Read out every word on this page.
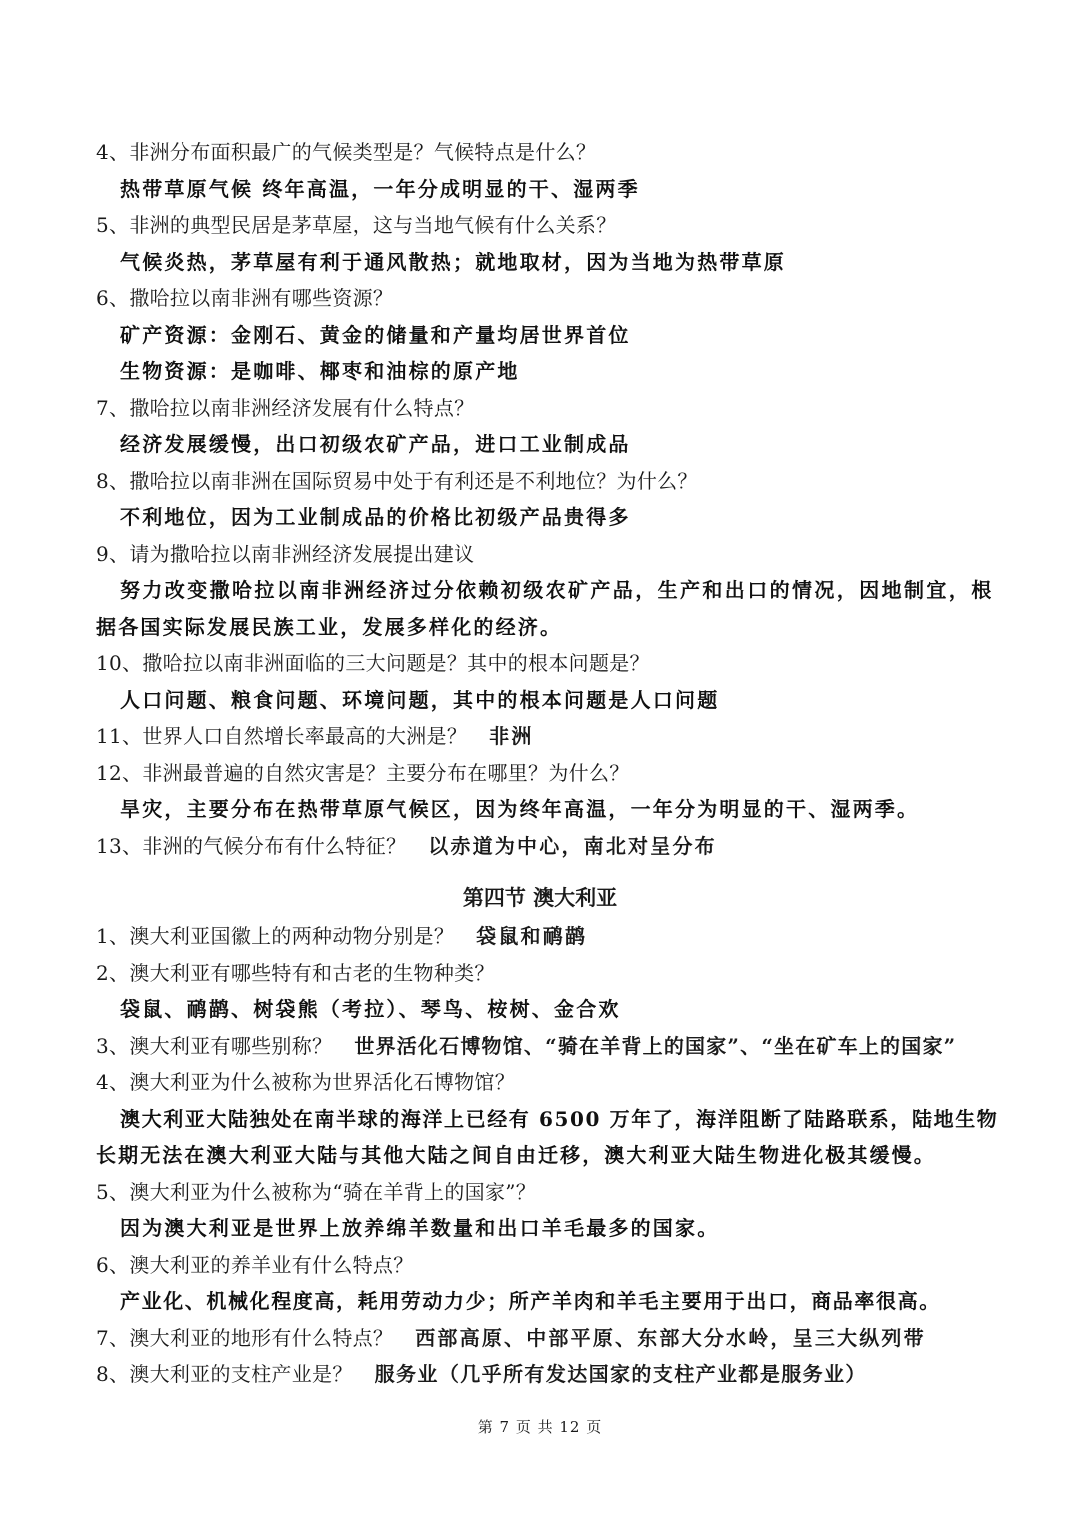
4、非洲分布面积最广的气候类型是？气候特点是什么？
热带草原气候 终年高温，一年分成明显的干、湿两季
5、非洲的典型民居是茅草屋，这与当地气候有什么关系？
气候炎热，茅草屋有利于通风散热；就地取材，因为当地为热带草原
6、撒哈拉以南非洲有哪些资源？
矿产资源：金刚石、黄金的储量和产量均居世界首位
生物资源：是咖啡、椰枣和油棕的原产地
7、撒哈拉以南非洲经济发展有什么特点？
经济发展缓慢，出口初级农矿产品，进口工业制成品
8、撒哈拉以南非洲在国际贸易中处于有利还是不利地位？为什么？
不利地位，因为工业制成品的价格比初级产品贵得多
9、请为撒哈拉以南非洲经济发展提出建议
努力改变撒哈拉以南非洲经济过分依赖初级农矿产品，生产和出口的情况，因地制宜，根
据各国实际发展民族工业，发展多样化的经济。
10、撒哈拉以南非洲面临的三大问题是？其中的根本问题是？
人口问题、粮食问题、环境问题，其中的根本问题是人口问题
11、世界人口自然增长率最高的大洲是？ 非洲
12、非洲最普遍的自然灾害是？主要分布在哪里？为什么？
旱灾，主要分布在热带草原气候区，因为终年高温，一年分为明显的干、湿两季。
13、非洲的气候分布有什么特征？ 以赤道为中心，南北对呈分布
第四节 澳大利亚
1、澳大利亚国徽上的两种动物分别是？ 袋鼠和鸸鹋
2、澳大利亚有哪些特有和古老的生物种类？
袋鼠、鸸鹋、树袋熊（考拉）、琴鸟、桉树、金合欢
3、澳大利亚有哪些别称？ 世界活化石博物馆、“骑在羊背上的国家”、“坐在矿车上的国家”
4、澳大利亚为什么被称为世界活化石博物馆？
澳大利亚大陆独处在南半球的海洋上已经有 6500 万年了，海洋阻断了陆路联系，陆地生物
长期无法在澳大利亚大陆与其他大陆之间自由迁移，澳大利亚大陆生物进化极其缓慢。
5、澳大利亚为什么被称为“骑在羊背上的国家”？
因为澳大利亚是世界上放养绵羊数量和出口羊毛最多的国家。
6、澳大利亚的养羊业有什么特点？
产业化、机械化程度高，耗用劳动力少；所产羊肉和羊毛主要用于出口，商品率很高。
7、澳大利亚的地形有什么特点？ 西部高原、中部平原、东部大分水岭，呈三大纵列带
8、澳大利亚的支柱产业是？ 服务业（几乎所有发达国家的支柱产业都是服务业）
第 7 页 共 12 页
